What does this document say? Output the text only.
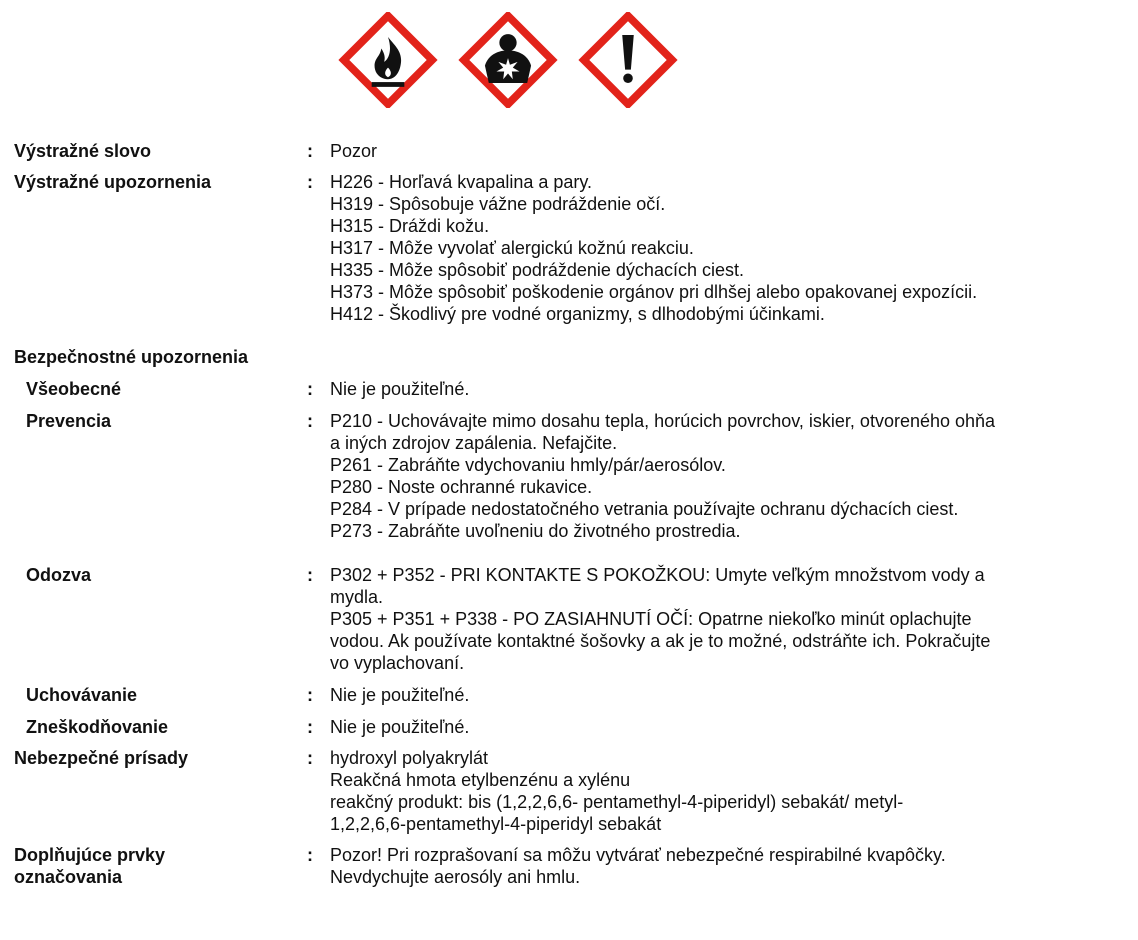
Výstražné slovo	: Pozor
Výstražné upozornenia	: H226 - Horľavá kvapalina a pary.
H319 - Spôsobuje vážne podráždenie očí.
H315 - Dráždi kožu.
H317 - Môže vyvolať alergickú kožnú reakciu.
H335 - Môže spôsobiť podráždenie dýchacích ciest.
H373 - Môže spôsobiť poškodenie orgánov pri dlhšej alebo opakovanej expozícii.
H412 - Škodlivý pre vodné organizmy, s dlhodobými účinkami.
Bezpečnostné upozornenia
Všeobecné	: Nie je použiteľné.
Prevencia	: P210 - Uchovávajte mimo dosahu tepla, horúcich povrchov, iskier, otvoreného ohňa
a iných zdrojov zapálenia. Nefajčite.
P261 - Zabráňte vdychovaniu hmly/pár/aerosólov.
P280 - Noste ochranné rukavice.
P284 - V prípade nedostatočného vetrania používajte ochranu dýchacích ciest.
P273 - Zabráňte uvoľneniu do životného prostredia.
Odozva	: P302 + P352 - PRI KONTAKTE S POKOŽKOU: Umyte veľkým množstvom vody a
mydla.
P305 + P351 + P338 - PO ZASIAHNUTÍ OČÍ: Opatrne niekoľko minút oplachujte
vodou. Ak používate kontaktné šošovky a ak je to možné, odstráňte ich. Pokračujte
vo vyplachovaní.
Uchovávanie	: Nie je použiteľné.
Zneškodňovanie	: Nie je použiteľné.
Nebezpečné prísady	: hydroxyl polyakrylát
Reakčná hmota etylbenzénu a xylénu
reakčný produkt: bis (1,2,2,6,6- pentamethyl-4-piperidyl) sebakát/ metyl-
1,2,2,6,6-pentamethyl-4-piperidyl sebakát
Doplňujúce prvky
označovania
: Pozor! Pri rozprašovaní sa môžu vytvárať nebezpečné respirabilné kvapôčky.
Nevdychujte aerosóly ani hmlu.
